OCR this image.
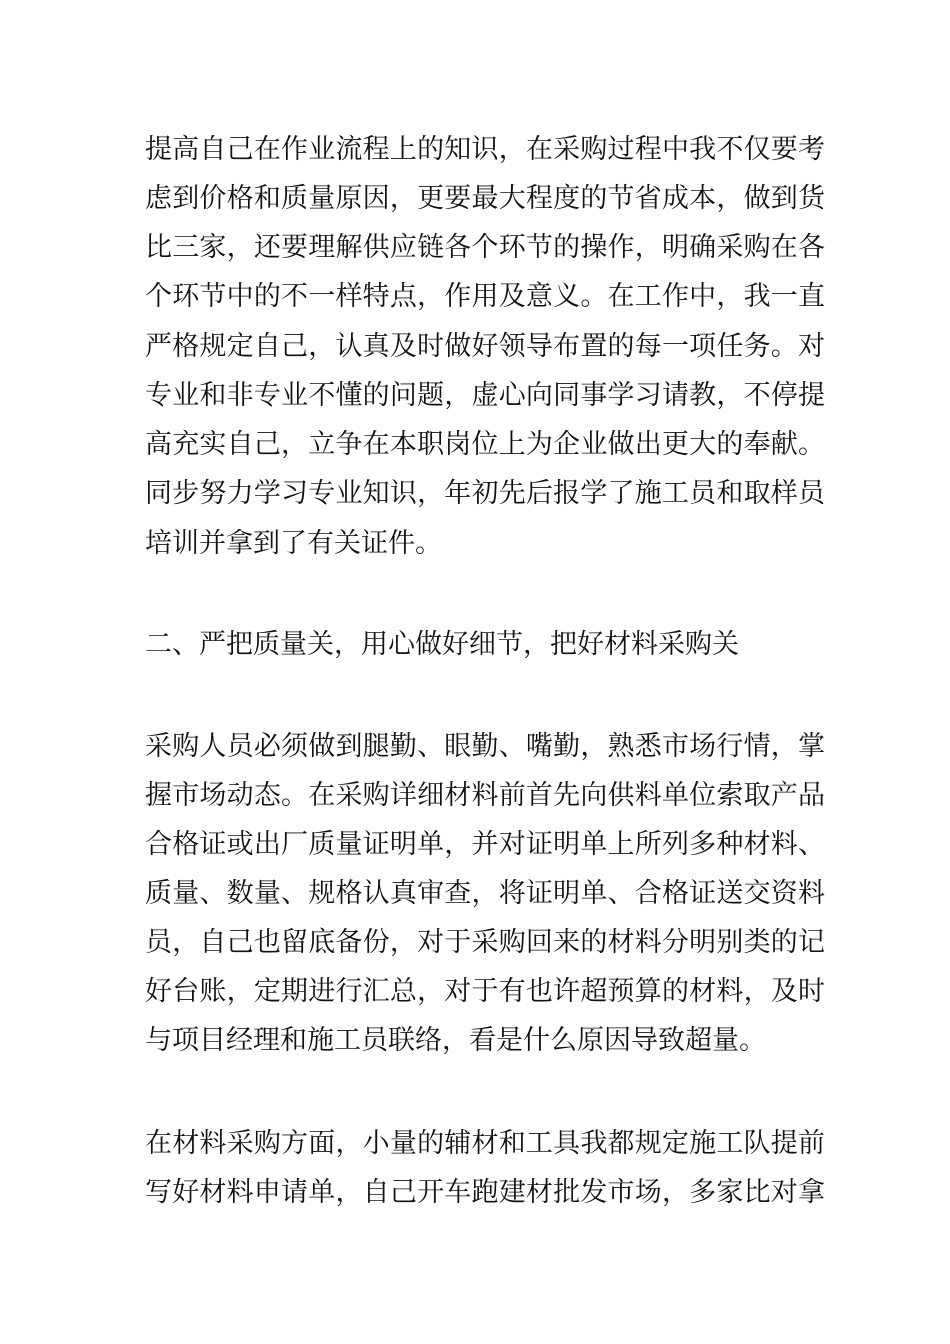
提高自己在作业流程上的知识，在采购过程中我不仅要考
虑到价格和质量原因，更要最大程度的节省成本，做到货
比三家，还要理解供应链各个环节的操作，明确采购在各
个环节中的不一样特点，作用及意义。在工作中，我一直
严格规定自己，认真及时做好领导布置的每一项任务。对
专业和非专业不懂的问题，虚心向同事学习请教，不停提
高充实自己，立争在本职岗位上为企业做出更大的奉献。
同步努力学习专业知识，年初先后报学了施工员和取样员
培训并拿到了有关证件。
二、严把质量关，用心做好细节，把好材料采购关
采购人员必须做到腿勤、眼勤、嘴勤，熟悉市场行情，掌
握市场动态。在采购详细材料前首先向供料单位索取产品
合格证或出厂质量证明单，并对证明单上所列多种材料、
质量、数量、规格认真审查，将证明单、合格证送交资料
员，自己也留底备份，对于采购回来的材料分明别类的记
好台账，定期进行汇总，对于有也许超预算的材料，及时
与项目经理和施工员联络，看是什么原因导致超量。
在材料采购方面，小量的辅材和工具我都规定施工队提前
写好材料申请单，自己开车跑建材批发市场，多家比对拿
